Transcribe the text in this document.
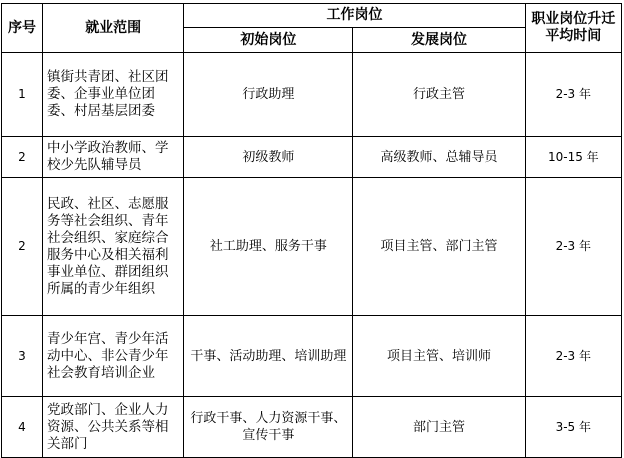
序号	就业范围	工作岗位		职业岗位升迁平均时间
		初始岗位	发展岗位	
1	镇街共青团、社区团委、企事业单位团委、村居基层团委	行政助理	行政主管	2-3 年
2	中小学政治教师、学校少先队辅导员	初级教师	高级教师、总辅导员	10-15 年
2	民政、社区、志愿服务等社会组织、青年社会组织、家庭综合服务中心及相关福利事业单位、群团组织所属的青少年组织	社工助理、服务干事	项目主管、部门主管	2-3 年
3	青少年宫、青少年活动中心、非公青少年社会教育培训企业	干事、活动助理、培训助理	项目主管、培训师	2-3 年
4	党政部门、企业人力资源、公共关系等相关部门	行政干事、人力资源干事、宣传干事	部门主管	3-5 年
